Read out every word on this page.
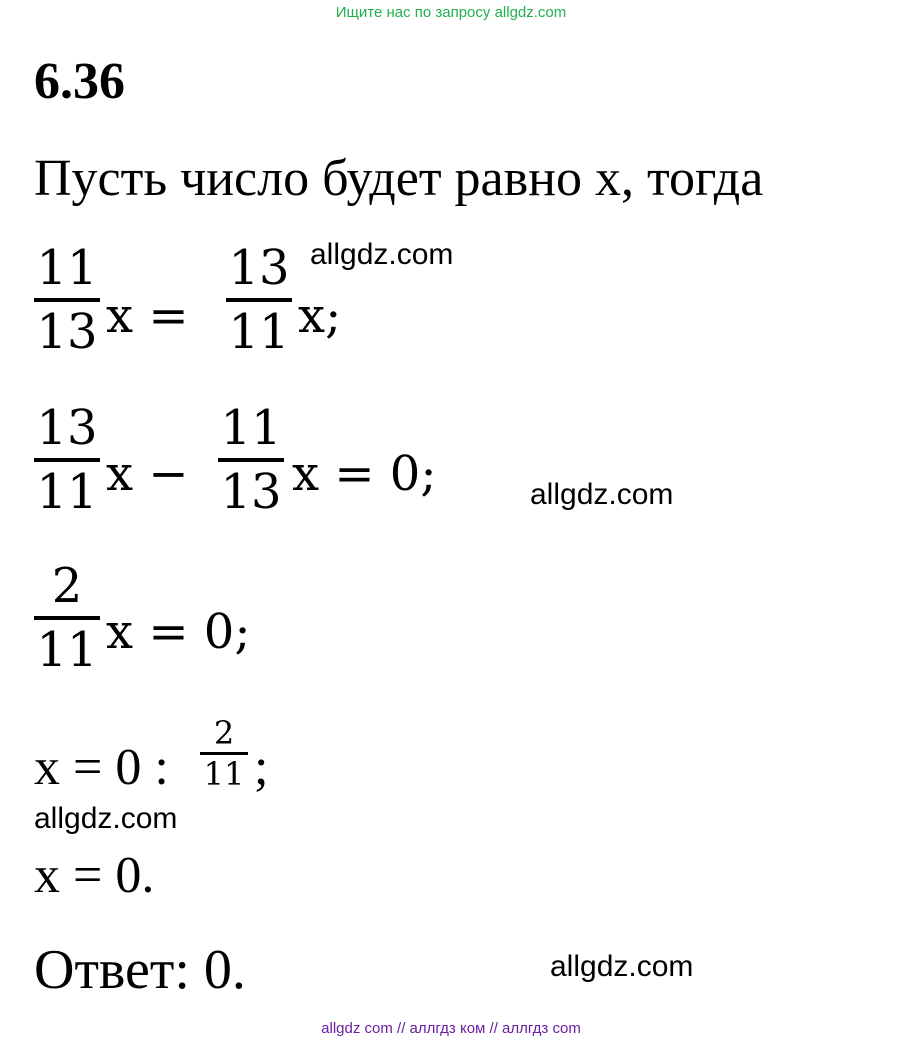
Ищите нас по запросу allgdz.com
6.36
Пусть число будет равно x, тогда
11
13 x =
13
11 x;
allgdz.com
13
11 x −
11
13 x = 0;	allgdz.com
2
11 x = 0;
x = 0 :
2
11 ;
allgdz.com
x = 0.
Ответ: 0.	allgdz.com
allgdz com // аллгдз ком // аллгдз com
